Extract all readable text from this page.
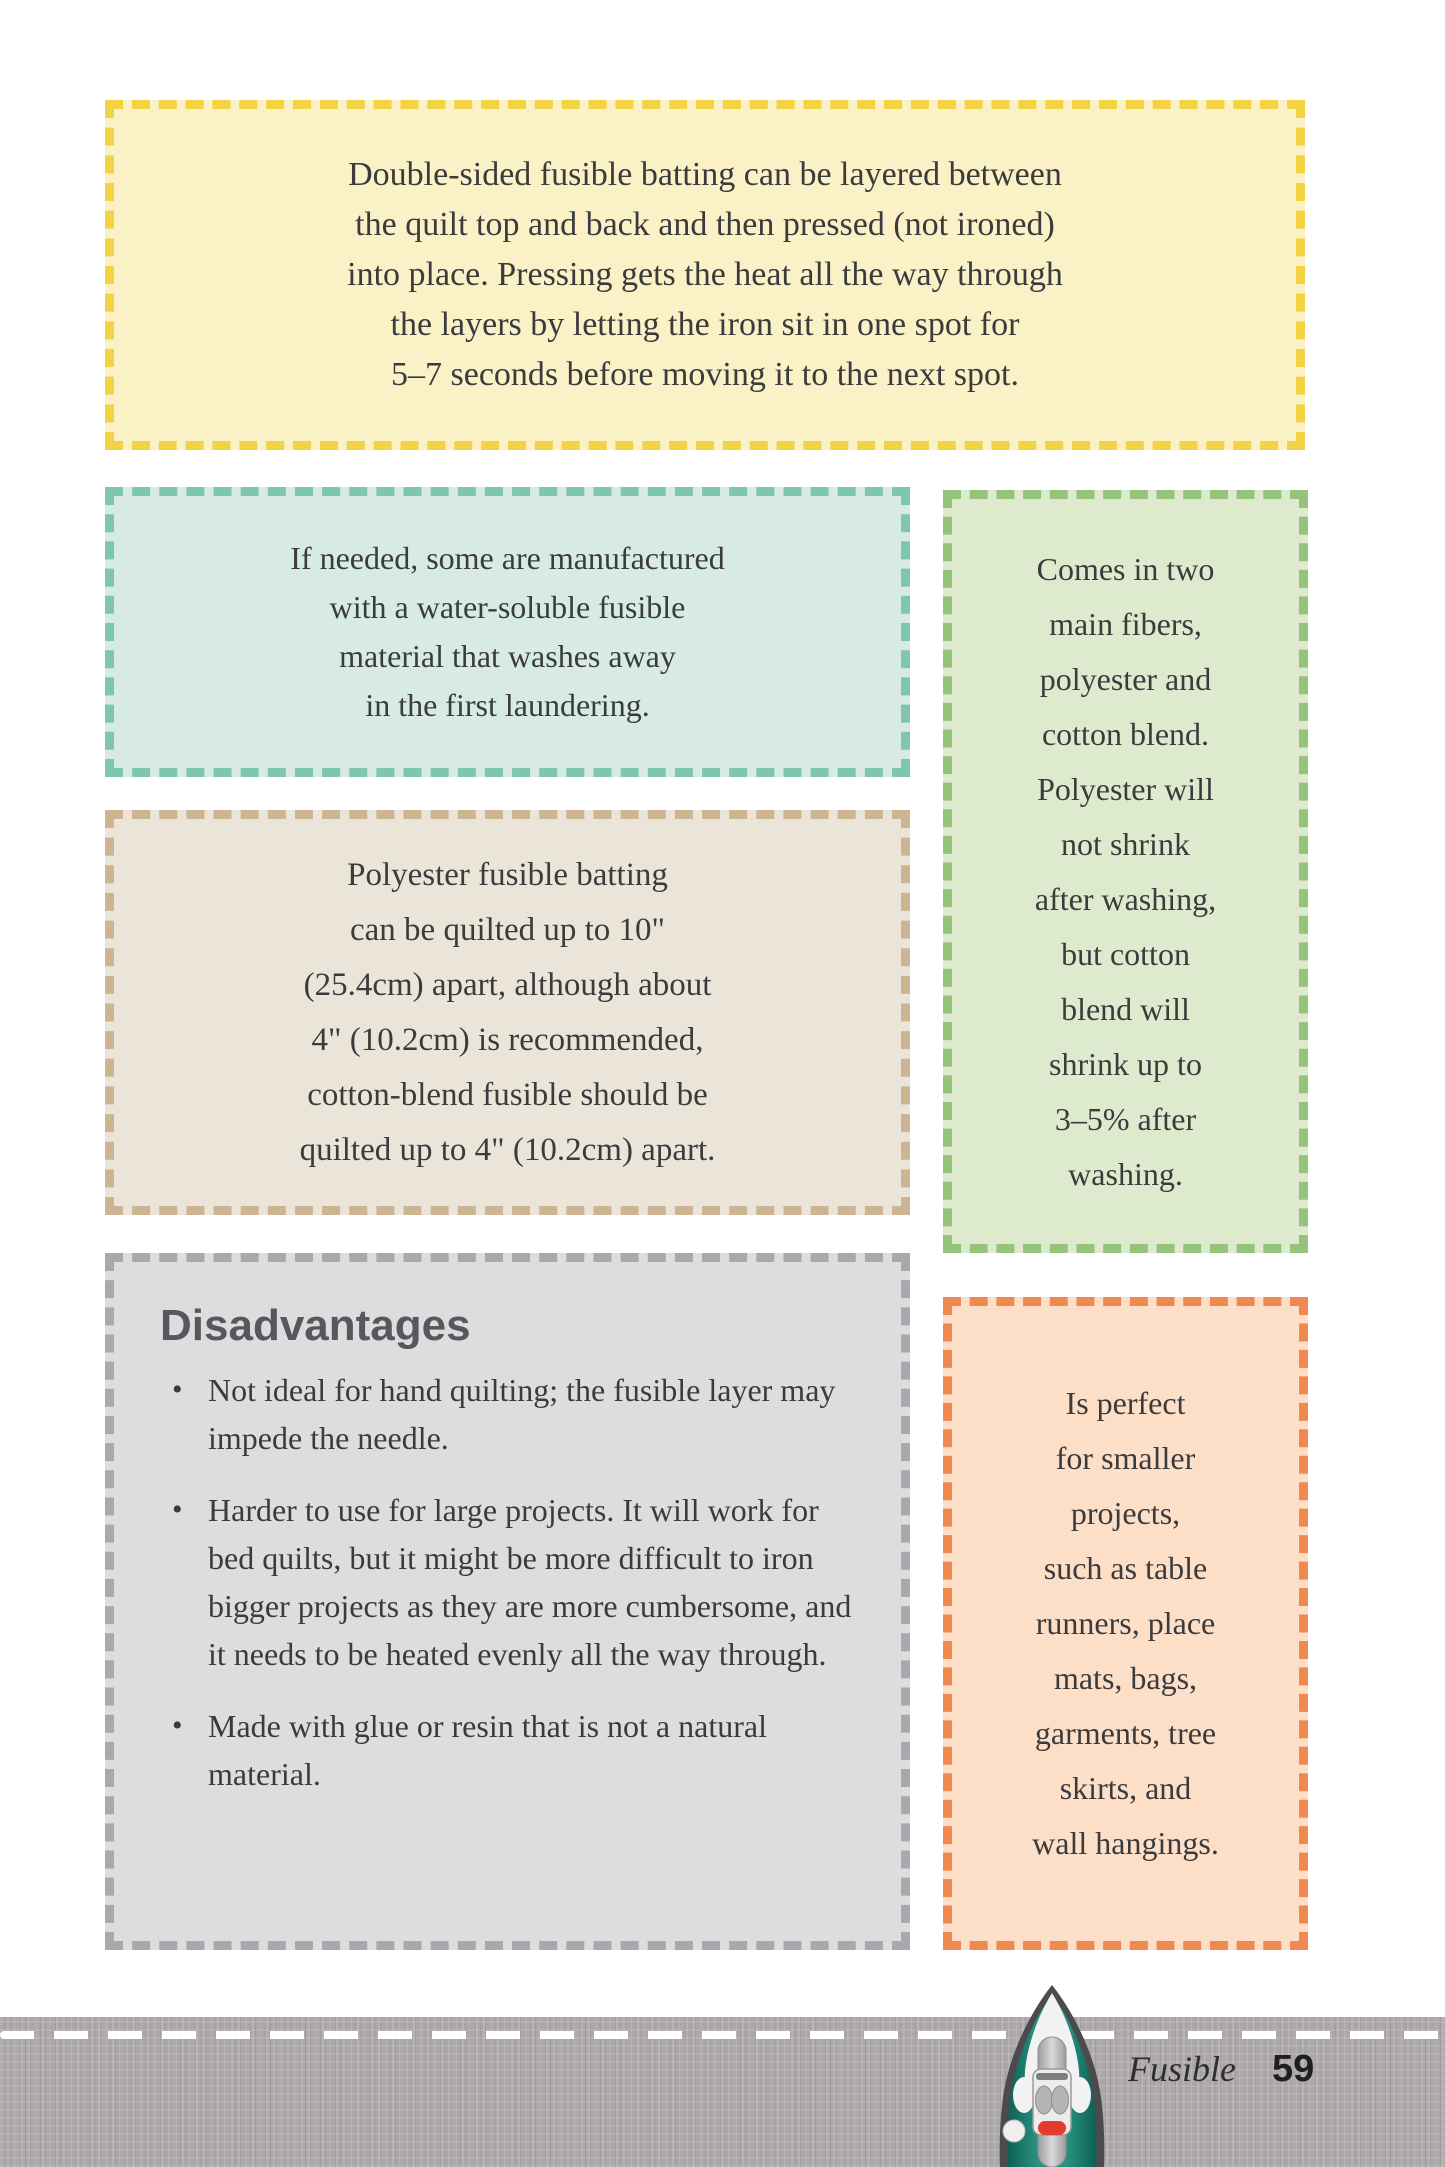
Double-sided fusible batting can be layered between
the quilt top and back and then pressed (not ironed)
into place. Pressing gets the heat all the way through
the layers by letting the iron sit in one spot for
5–7 seconds before moving it to the next spot.
If needed, some are manufactured
with a water-soluble fusible
material that washes away
in the first laundering.
Comes in two
main fibers,
polyester and
cotton blend.
Polyester will
not shrink
after washing,
but cotton
blend will
shrink up to
3–5% after
washing.
Polyester fusible batting
can be quilted up to 10"
(25.4cm) apart, although about
4" (10.2cm) is recommended,
cotton-blend fusible should be
quilted up to 4" (10.2cm) apart.
Disadvantages
• Not ideal for hand quilting; the fusible layer may impede the needle.
• Harder to use for large projects. It will work for bed quilts, but it might be more difficult to iron bigger projects as they are more cumbersome, and it needs to be heated evenly all the way through.
• Made with glue or resin that is not a natural material.
Is perfect
for smaller
projects,
such as table
runners, place
mats, bags,
garments, tree
skirts, and
wall hangings.
Fusible 59
